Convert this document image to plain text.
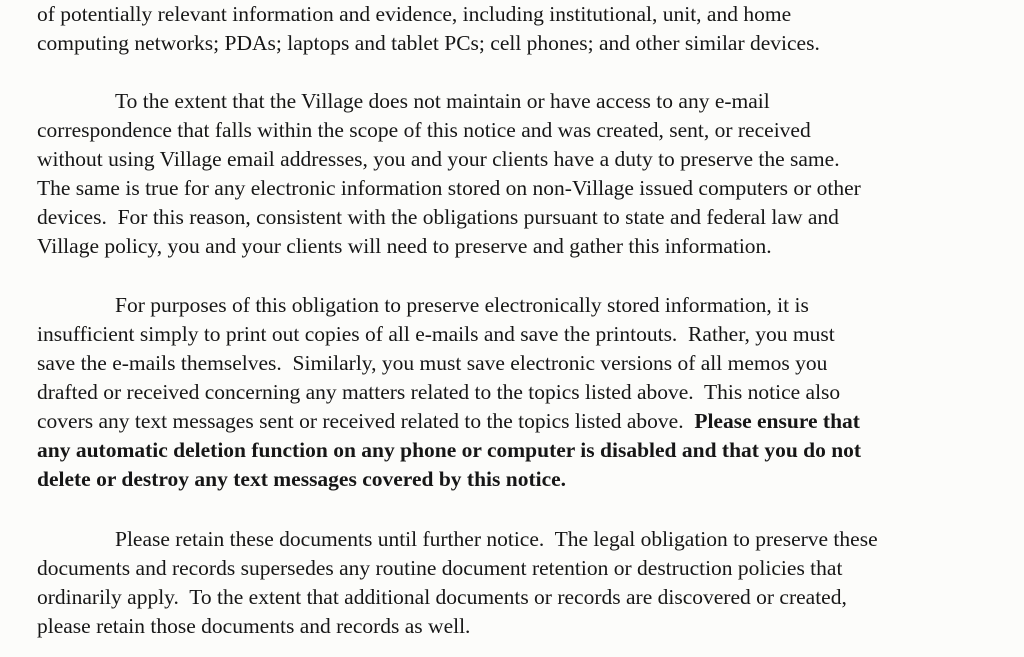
of potentially relevant information and evidence, including institutional, unit, and home
computing networks; PDAs; laptops and tablet PCs; cell phones; and other similar devices.
To the extent that the Village does not maintain or have access to any e-mail
correspondence that falls within the scope of this notice and was created, sent, or received
without using Village email addresses, you and your clients have a duty to preserve the same.
The same is true for any electronic information stored on non-Village issued computers or other
devices.  For this reason, consistent with the obligations pursuant to state and federal law and
Village policy, you and your clients will need to preserve and gather this information.
For purposes of this obligation to preserve electronically stored information, it is
insufficient simply to print out copies of all e-mails and save the printouts.  Rather, you must
save the e-mails themselves.  Similarly, you must save electronic versions of all memos you
drafted or received concerning any matters related to the topics listed above.  This notice also
covers any text messages sent or received related to the topics listed above.  Please ensure that
any automatic deletion function on any phone or computer is disabled and that you do not
delete or destroy any text messages covered by this notice.
Please retain these documents until further notice.  The legal obligation to preserve these
documents and records supersedes any routine document retention or destruction policies that
ordinarily apply.  To the extent that additional documents or records are discovered or created,
please retain those documents and records as well.
